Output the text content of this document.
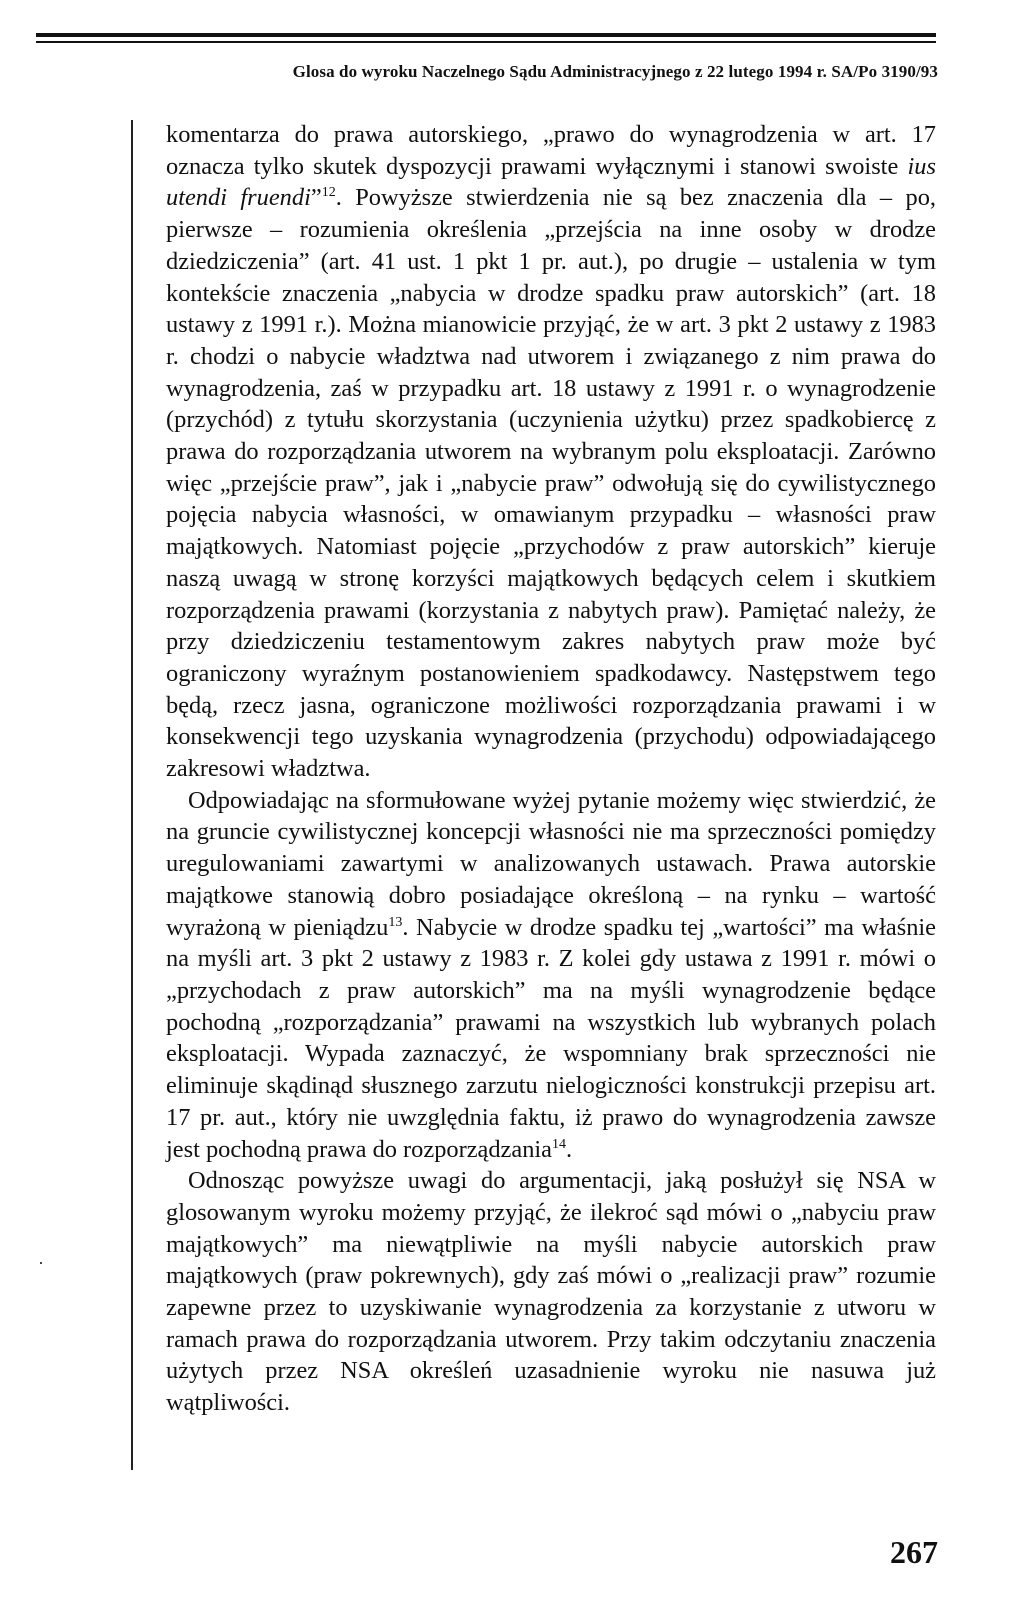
Glosa do wyroku Naczelnego Sądu Administracyjnego z 22 lutego 1994 r. SA/Po 3190/93

komentarza do prawa autorskiego, „prawo do wynagrodzenia w art. 17 oznacza tylko skutek dyspozycji prawami wyłącznymi i stanowi swoiste ius utendi fruendi”$^{12}$. Powyższe stwierdzenia nie są bez znaczenia dla – po, pierwsze – rozumienia określenia „przejścia na inne osoby w drodze dziedziczenia” (art. 41 ust. 1 pkt 1 pr. aut.), po drugie – ustalenia w tym kontekście znaczenia „nabycia w drodze spadku praw autorskich” (art. 18 ustawy z 1991 r.). Można mianowicie przyjąć, że w art. 3 pkt 2 ustawy z 1983 r. chodzi o nabycie władztwa nad utworem i związanego z nim prawa do wynagrodzenia, zaś w przypadku art. 18 ustawy z 1991 r. o wynagrodzenie (przychód) z tytułu skorzystania (uczynienia użytku) przez spadkobiercę z prawa do rozporządzania utworem na wybranym polu eksploatacji. Zarówno więc „przejście praw”, jak i „nabycie praw” odwołują się do cywilistycznego pojęcia nabycia własności, w omawianym przypadku – własności praw majątkowych. Natomiast pojęcie „przychodów z praw autorskich” kieruje naszą uwagą w stronę korzyści majątkowych będących celem i skutkiem rozporządzenia prawami (korzystania z nabytych praw). Pamiętać należy, że przy dziedziczeniu testamentowym zakres nabytych praw może być ograniczony wyraźnym postanowieniem spadkodawcy. Następstwem tego będą, rzecz jasna, ograniczone możliwości rozporządzania prawami i w konsekwencji tego uzyskania wynagrodzenia (przychodu) odpowiadającego zakresowi władztwa.

Odpowiadając na sformułowane wyżej pytanie możemy więc stwierdzić, że na gruncie cywilistycznej koncepcji własności nie ma sprzeczności pomiędzy uregulowaniami zawartymi w analizowanych ustawach. Prawa autorskie majątkowe stanowią dobro posiadające określoną – na rynku – wartość wyrażoną w pieniądzu$^{13}$. Nabycie w drodze spadku tej „wartości” ma właśnie na myśli art. 3 pkt 2 ustawy z 1983 r. Z kolei gdy ustawa z 1991 r. mówi o „przychodach z praw autorskich” ma na myśli wynagrodzenie będące pochodną „rozporządzania” prawami na wszystkich lub wybranych polach eksploatacji. Wypada zaznaczyć, że wspomniany brak sprzeczności nie eliminuje skądinąd słusznego zarzutu nielogiczności konstrukcji przepisu art. 17 pr. aut., który nie uwzględnia faktu, iż prawo do wynagrodzenia zawsze jest pochodną prawa do rozporządzania$^{14}$.

Odnosząc powyższe uwagi do argumentacji, jaką posłużył się NSA w glosowanym wyroku możemy przyjąć, że ilekroć sąd mówi o „nabyciu praw majątkowych” ma niewątpliwie na myśli nabycie autorskich praw majątkowych (praw pokrewnych), gdy zaś mówi o „realizacji praw” rozumie zapewne przez to uzyskiwanie wynagrodzenia za korzystanie z utworu w ramach prawa do rozporządzania utworem. Przy takim odczytaniu znaczenia użytych przez NSA określeń uzasadnienie wyroku nie nasuwa już wątpliwości.

267
